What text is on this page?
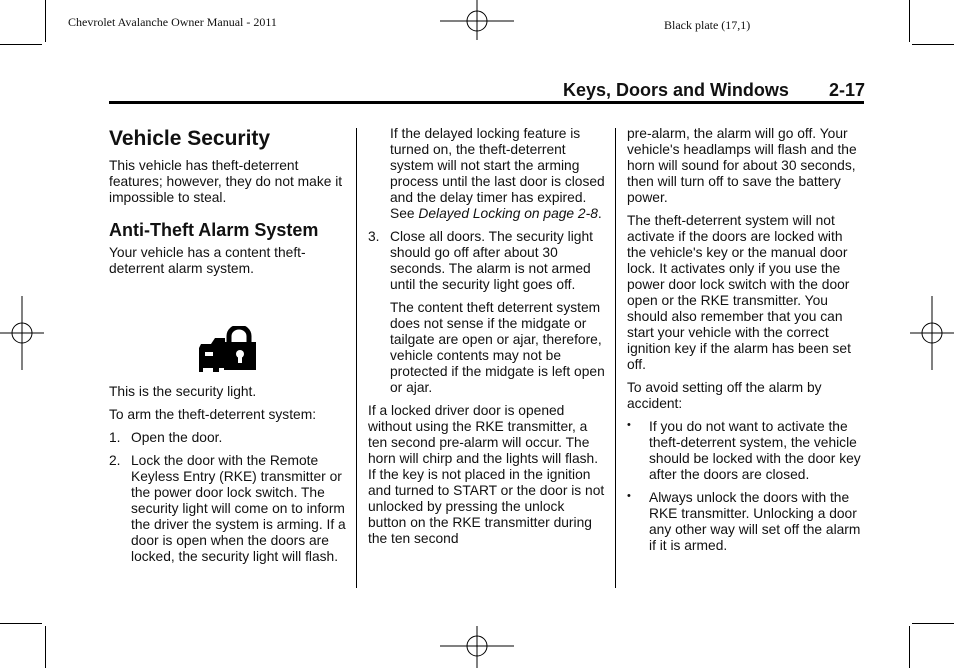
Chevrolet Avalanche Owner Manual - 2011	Black plate (17,1)
Keys, Doors and Windows 2-17
Vehicle Security

This vehicle has theft-deterrent features; however, they do not make it impossible to steal.

Anti-Theft Alarm System

Your vehicle has a content theft-deterrent alarm system.

This is the security light.

To arm the theft-deterrent system:

1. Open the door.
2. Lock the door with the Remote Keyless Entry (RKE) transmitter or the power door lock switch. The security light will come on to inform the driver the system is arming. If a door is open when the doors are locked, the security light will flash.

If the delayed locking feature is turned on, the theft-deterrent system will not start the arming process until the last door is closed and the delay timer has expired. See Delayed Locking on page 2-8.

3. Close all doors. The security light should go off after about 30 seconds. The alarm is not armed until the security light goes off.

The content theft deterrent system does not sense if the midgate or tailgate are open or ajar, therefore, vehicle contents may not be protected if the midgate is left open or ajar.

If a locked driver door is opened without using the RKE transmitter, a ten second pre-alarm will occur. The horn will chirp and the lights will flash. If the key is not placed in the ignition and turned to START or the door is not unlocked by pressing the unlock button on the RKE transmitter during the ten second

pre-alarm, the alarm will go off. Your vehicle's headlamps will flash and the horn will sound for about 30 seconds, then will turn off to save the battery power.

The theft-deterrent system will not activate if the doors are locked with the vehicle's key or the manual door lock. It activates only if you use the power door lock switch with the door open or the RKE transmitter. You should also remember that you can start your vehicle with the correct ignition key if the alarm has been set off.

To avoid setting off the alarm by accident:

•	If you do not want to activate the theft-deterrent system, the vehicle should be locked with the door key after the doors are closed.
•	Always unlock the doors with the RKE transmitter. Unlocking a door any other way will set off the alarm if it is armed.
